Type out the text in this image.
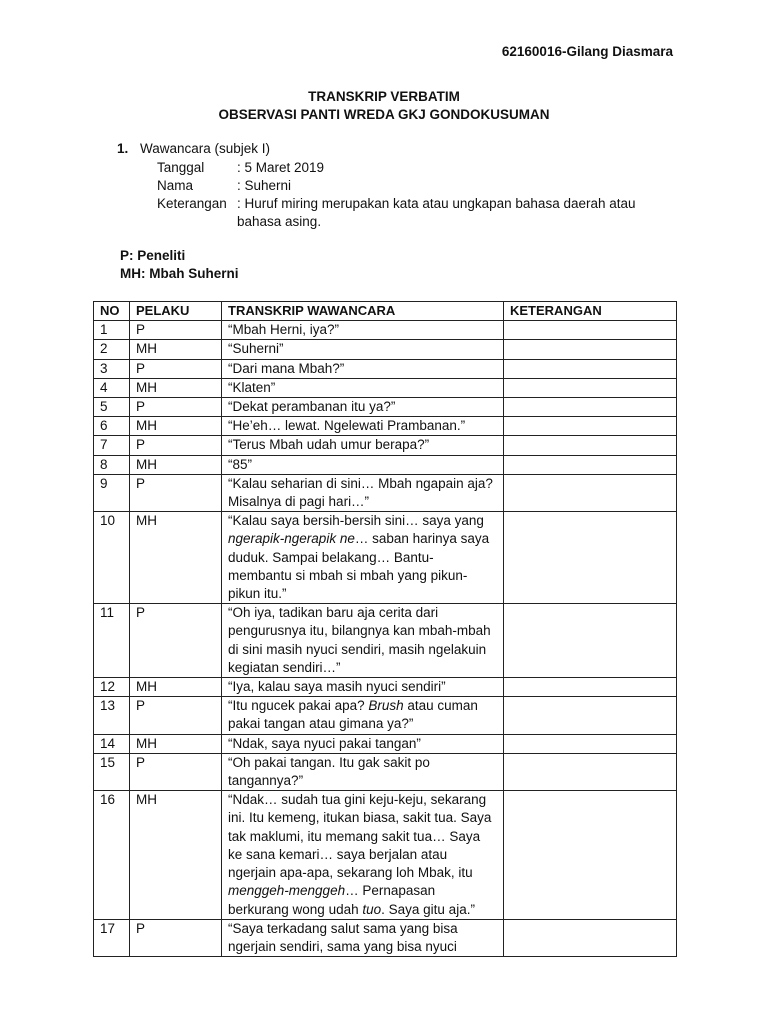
62160016-Gilang Diasmara
TRANSKRIP VERBATIM
OBSERVASI PANTI WREDA GKJ GONDOKUSUMAN
1. Wawancara (subjek I)
Tanggal	: 5 Maret 2019
Nama	: Suherni
Keterangan : Huruf miring merupakan kata atau ungkapan bahasa daerah atau bahasa asing.
P: Peneliti
MH: Mbah Suherni
NO	PELAKU	TRANSKRIP WAWANCARA	KETERANGAN
1	P	“Mbah Herni, iya?”	
2	MH	“Suherni”	
3	P	“Dari mana Mbah?”	
4	MH	“Klaten”	
5	P	“Dekat perambanan itu ya?”	
6	MH	“He’eh… lewat. Ngelewati Prambanan.”	
7	P	“Terus Mbah udah umur berapa?”	
8	MH	“85”	
9	P	“Kalau seharian di sini… Mbah ngapain aja? Misalnya di pagi hari…”	
10	MH	“Kalau saya bersih-bersih sini… saya yang ngerapik-ngerapik ne… saban harinya saya duduk. Sampai belakang… Bantu-membantu si mbah si mbah yang pikun-pikun itu.”	
11	P	“Oh iya, tadikan baru aja cerita dari pengurusnya itu, bilangnya kan mbah-mbah di sini masih nyuci sendiri, masih ngelakuin kegiatan sendiri…”	
12	MH	“Iya, kalau saya masih nyuci sendiri”	
13	P	“Itu ngucek pakai apa? Brush atau cuman pakai tangan atau gimana ya?”	
14	MH	“Ndak, saya nyuci pakai tangan”	
15	P	“Oh pakai tangan. Itu gak sakit po tangannya?”	
16	MH	“Ndak… sudah tua gini keju-keju, sekarang ini. Itu kemeng, itukan biasa, sakit tua. Saya tak maklumi, itu memang sakit tua… Saya ke sana kemari… saya berjalan atau ngerjain apa-apa, sekarang loh Mbak, itu menggeh-menggeh… Pernapasan berkurang wong udah tuo. Saya gitu aja.”	
17	P	“Saya terkadang salut sama yang bisa ngerjain sendiri, sama yang bisa nyuci	
